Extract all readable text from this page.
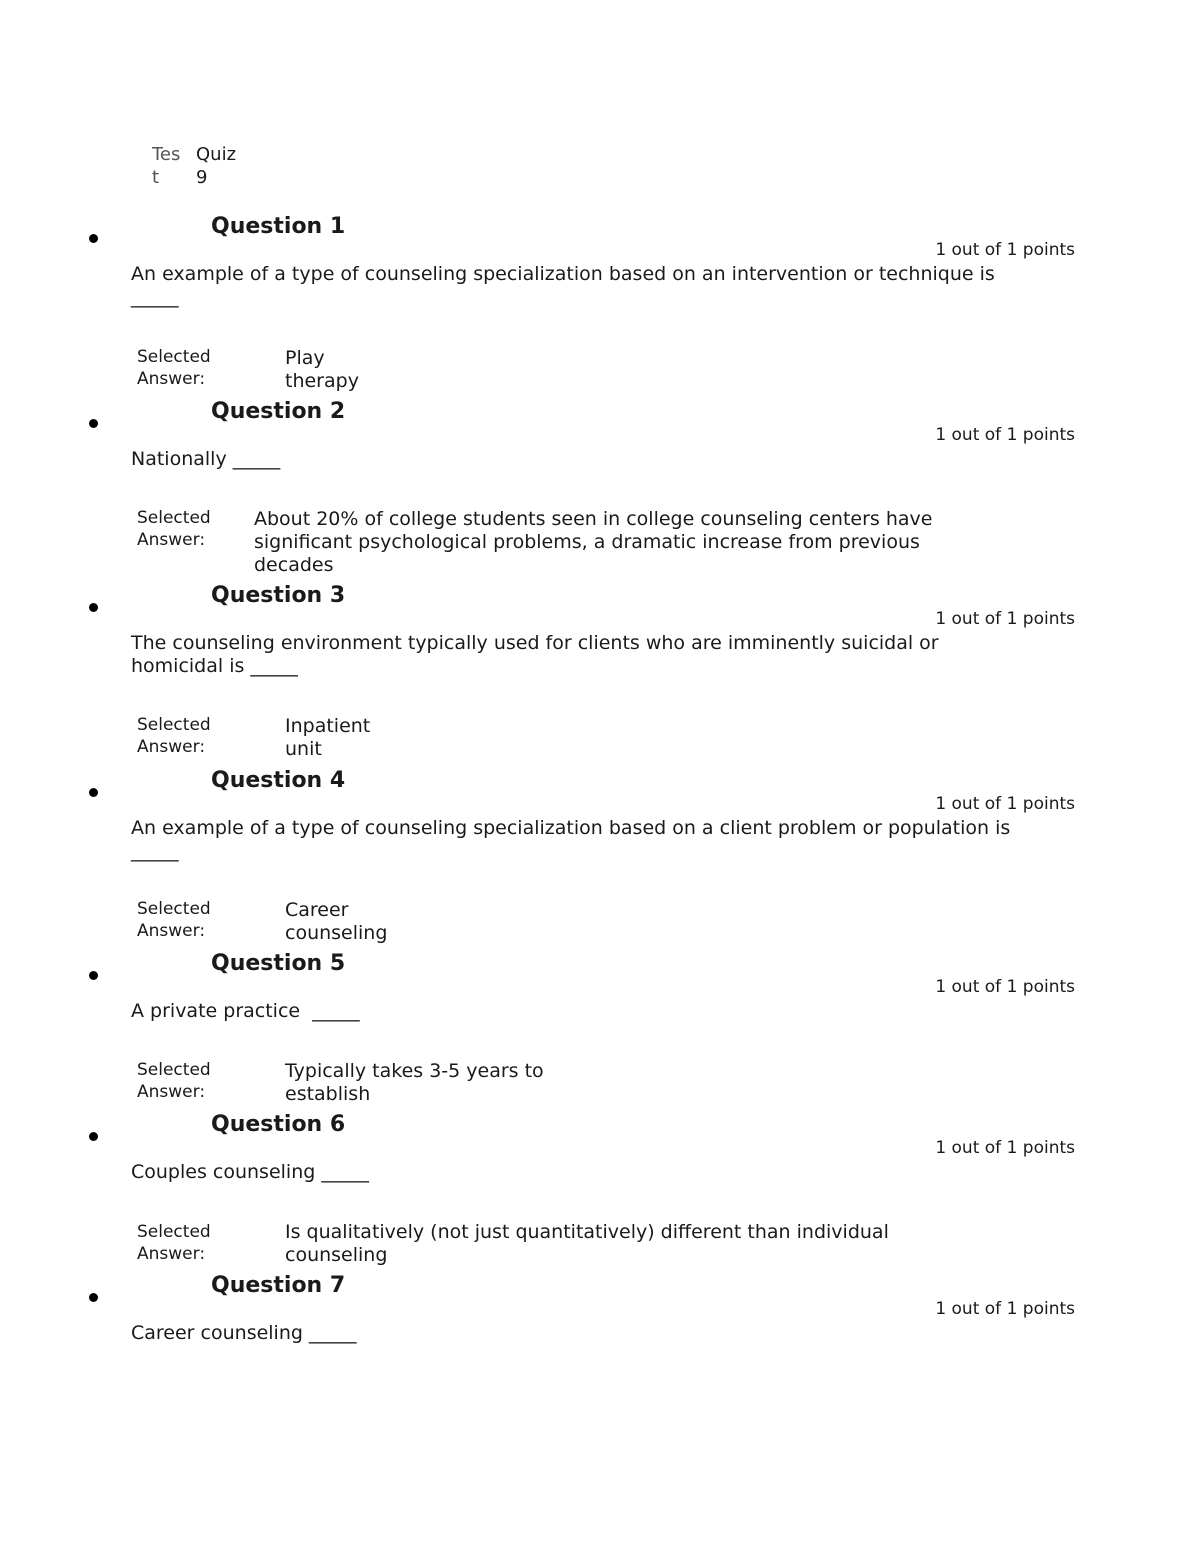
Test
Quiz 9
Question 1
1 out of 1 points
An example of a type of counseling specialization based on an intervention or technique is _____
Selected Answer:
Play therapy
Question 2
1 out of 1 points
Nationally _____
Selected Answer:
About 20% of college students seen in college counseling centers have significant psychological problems, a dramatic increase from previous decades
Question 3
1 out of 1 points
The counseling environment typically used for clients who are imminently suicidal or homicidal is _____
Selected Answer:
Inpatient unit
Question 4
1 out of 1 points
An example of a type of counseling specialization based on a client problem or population is _____
Selected Answer:
Career counseling
Question 5
1 out of 1 points
A private practice  _____
Selected Answer:
Typically takes 3-5 years to establish
Question 6
1 out of 1 points
Couples counseling _____
Selected Answer:
Is qualitatively (not just quantitatively) different than individual counseling
Question 7
1 out of 1 points
Career counseling _____
